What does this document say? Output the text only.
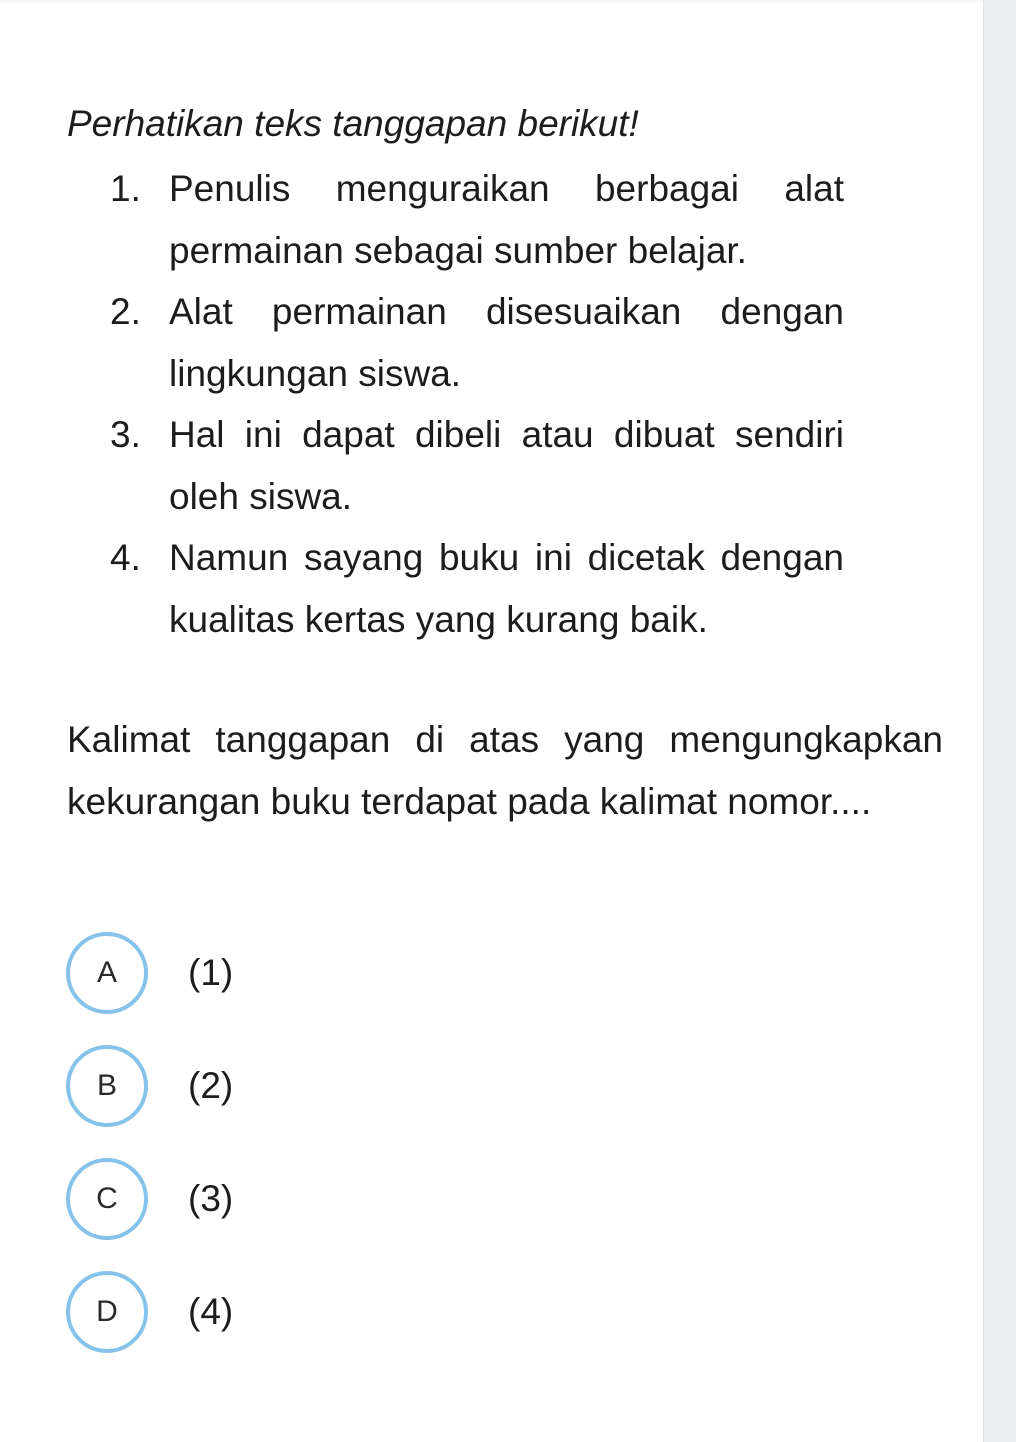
Perhatikan teks tanggapan berikut!

1. Penulis menguraikan berbagai alat permainan sebagai sumber belajar.
2. Alat permainan disesuaikan dengan lingkungan siswa.
3. Hal ini dapat dibeli atau dibuat sendiri oleh siswa.
4. Namun sayang buku ini dicetak dengan kualitas kertas yang kurang baik.

Kalimat tanggapan di atas yang mengungkapkan kekurangan buku terdapat pada kalimat nomor....

A	(1)
B	(2)
C	(3)
D	(4)
